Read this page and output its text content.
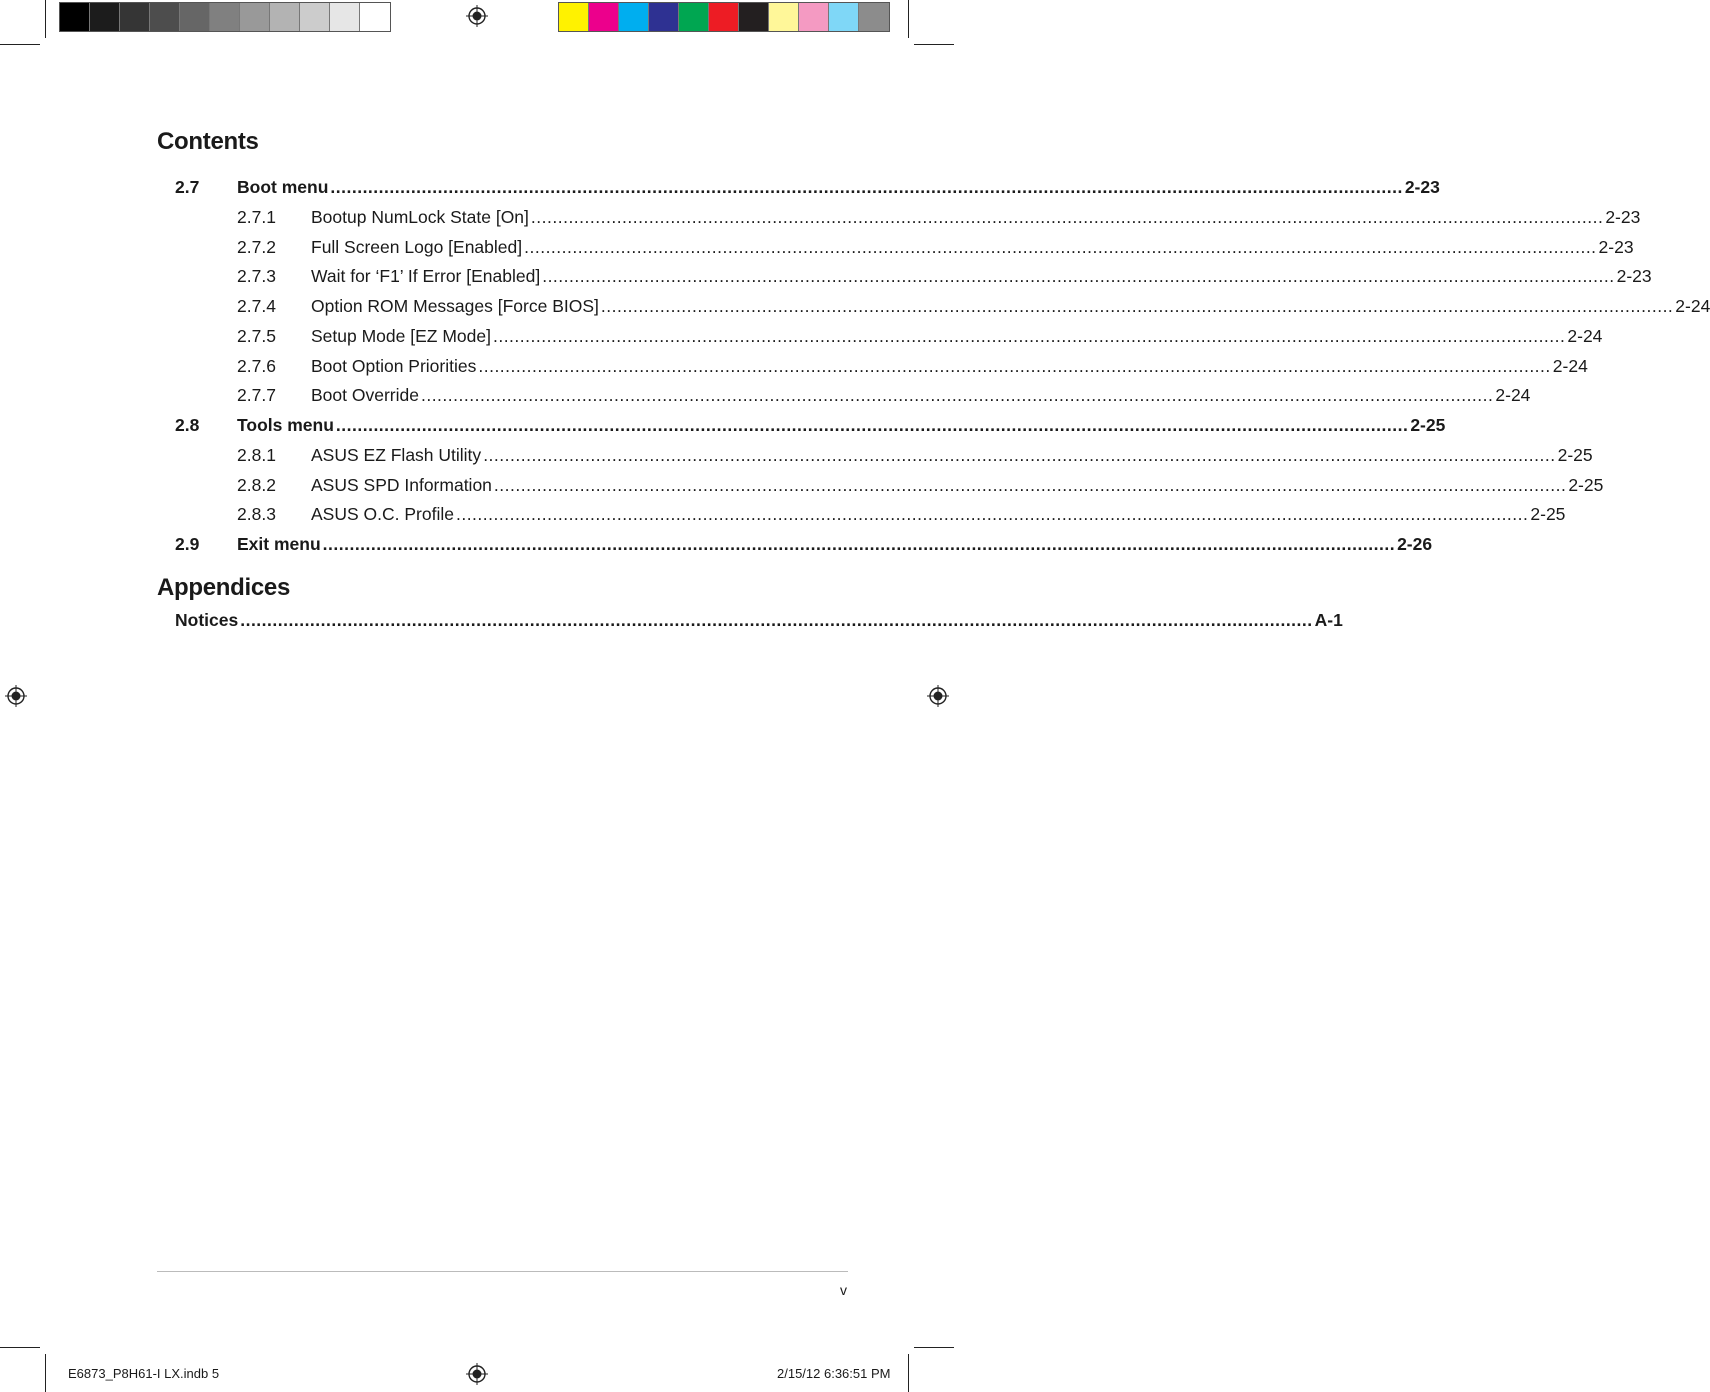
Contents
Appendices
2.7 Boot menu ........................................................................................................................................................................................................ 2-23
2.7.1 Bootup NumLock State [On] ........................................................................................................................................................................................................ 2-23
2.7.2 Full Screen Logo [Enabled] ........................................................................................................................................................................................................ 2-23
2.7.3 Wait for ‘F1’ If Error [Enabled] ........................................................................................................................................................................................................ 2-23
2.7.4 Option ROM Messages [Force BIOS] ........................................................................................................................................................................................................ 2-24
2.7.5 Setup Mode [EZ Mode] ........................................................................................................................................................................................................ 2-24
2.7.6 Boot Option Priorities ........................................................................................................................................................................................................ 2-24
2.7.7 Boot Override ........................................................................................................................................................................................................ 2-24
2.8 Tools menu ........................................................................................................................................................................................................ 2-25
2.8.1 ASUS EZ Flash Utility ........................................................................................................................................................................................................ 2-25
2.8.2 ASUS SPD Information ........................................................................................................................................................................................................ 2-25
2.8.3 ASUS O.C. Profile ........................................................................................................................................................................................................ 2-25
2.9 Exit menu ........................................................................................................................................................................................................ 2-26
Notices ........................................................................................................................................................................................................ A-1
v
E6873_P8H61-I LX.indb 5	2/15/12 6:36:51 PM
